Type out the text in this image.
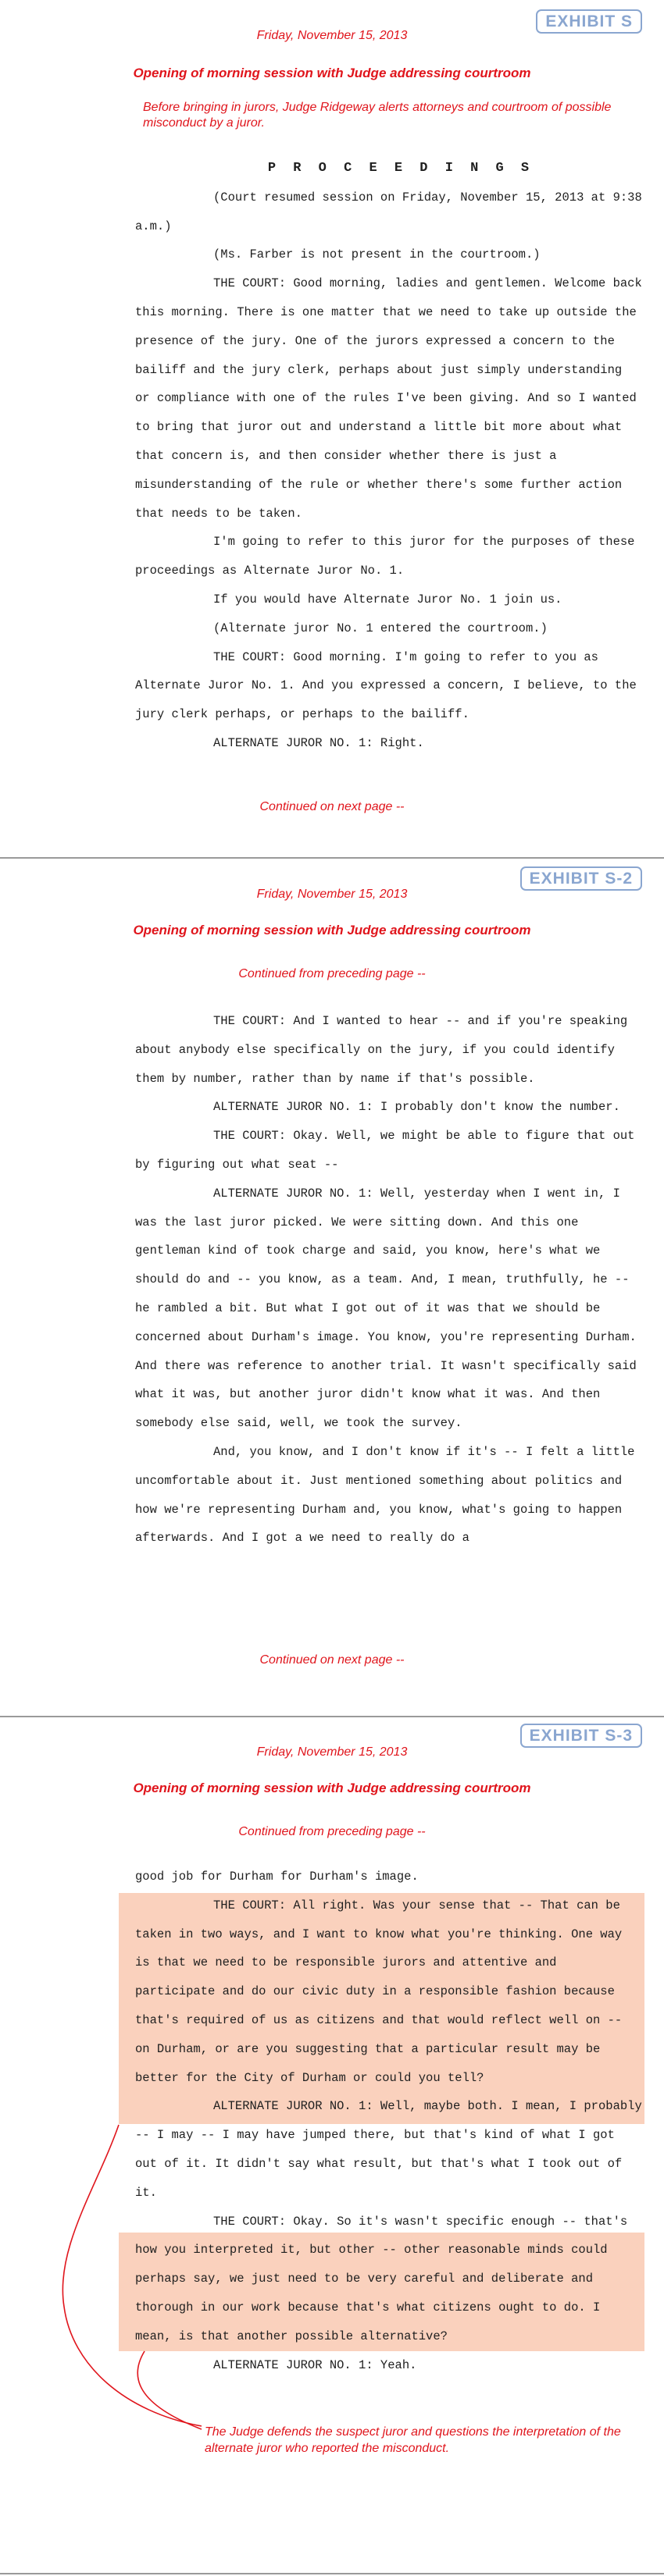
EXHIBIT S
Friday, November 15, 2013
Opening of morning session with Judge addressing courtroom
Before bringing in jurors, Judge Ridgeway alerts attorneys and courtroom of possible misconduct by a juror.

P R O C E E D I N G S

(Court resumed session on Friday, November 15, 2013 at 9:38 a.m.)

(Ms. Farber is not present in the courtroom.)

THE COURT: Good morning, ladies and gentlemen. Welcome back this morning. There is one matter that we need to take up outside the presence of the jury. One of the jurors expressed a concern to the bailiff and the jury clerk, perhaps about just simply understanding or compliance with one of the rules I've been giving. And so I wanted to bring that juror out and understand a little bit more about what that concern is, and then consider whether there is just a misunderstanding of the rule or whether there's some further action that needs to be taken.

I'm going to refer to this juror for the purposes of these proceedings as Alternate Juror No. 1.

If you would have Alternate Juror No. 1 join us.

(Alternate juror No. 1 entered the courtroom.)

THE COURT: Good morning. I'm going to refer to you as Alternate Juror No. 1. And you expressed a concern, I believe, to the jury clerk perhaps, or perhaps to the bailiff.

ALTERNATE JUROR NO. 1: Right.

Continued on next page --
EXHIBIT S-2
Friday, November 15, 2013
Opening of morning session with Judge addressing courtroom
Continued from preceding page --

THE COURT: And I wanted to hear -- and if you're speaking about anybody else specifically on the jury, if you could identify them by number, rather than by name if that's possible.

ALTERNATE JUROR NO. 1: I probably don't know the number.

THE COURT: Okay. Well, we might be able to figure that out by figuring out what seat --

ALTERNATE JUROR NO. 1: Well, yesterday when I went in, I was the last juror picked. We were sitting down. And this one gentleman kind of took charge and said, you know, here's what we should do and -- you know, as a team. And, I mean, truthfully, he -- he rambled a bit. But what I got out of it was that we should be concerned about Durham's image. You know, you're representing Durham. And there was reference to another trial. It wasn't specifically said what it was, but another juror didn't know what it was. And then somebody else said, well, we took the survey.

And, you know, and I don't know if it's -- I felt a little uncomfortable about it. Just mentioned something about politics and how we're representing Durham and, you know, what's going to happen afterwards. And I got a we need to really do a

Continued on next page --
EXHIBIT S-3
Friday, November 15, 2013
Opening of morning session with Judge addressing courtroom
Continued from preceding page --

good job for Durham for Durham's image.

THE COURT: All right. Was your sense that -- That can be taken in two ways, and I want to know what you're thinking. One way is that we need to be responsible jurors and attentive and participate and do our civic duty in a responsible fashion because that's required of us as citizens and that would reflect well on -- on Durham, or are you suggesting that a particular result may be better for the City of Durham or could you tell?

ALTERNATE JUROR NO. 1: Well, maybe both. I mean, I probably -- I may -- I may have jumped there, but that's kind of what I got out of it. It didn't say what result, but that's what I took out of it.

THE COURT: Okay. So it's wasn't specific enough -- that's how you interpreted it, but other -- other reasonable minds could perhaps say, we just need to be very careful and deliberate and thorough in our work because that's what citizens ought to do. I mean, is that another possible alternative?

ALTERNATE JUROR NO. 1: Yeah.

The Judge defends the suspect juror and questions the interpretation of the alternate juror who reported the misconduct.
